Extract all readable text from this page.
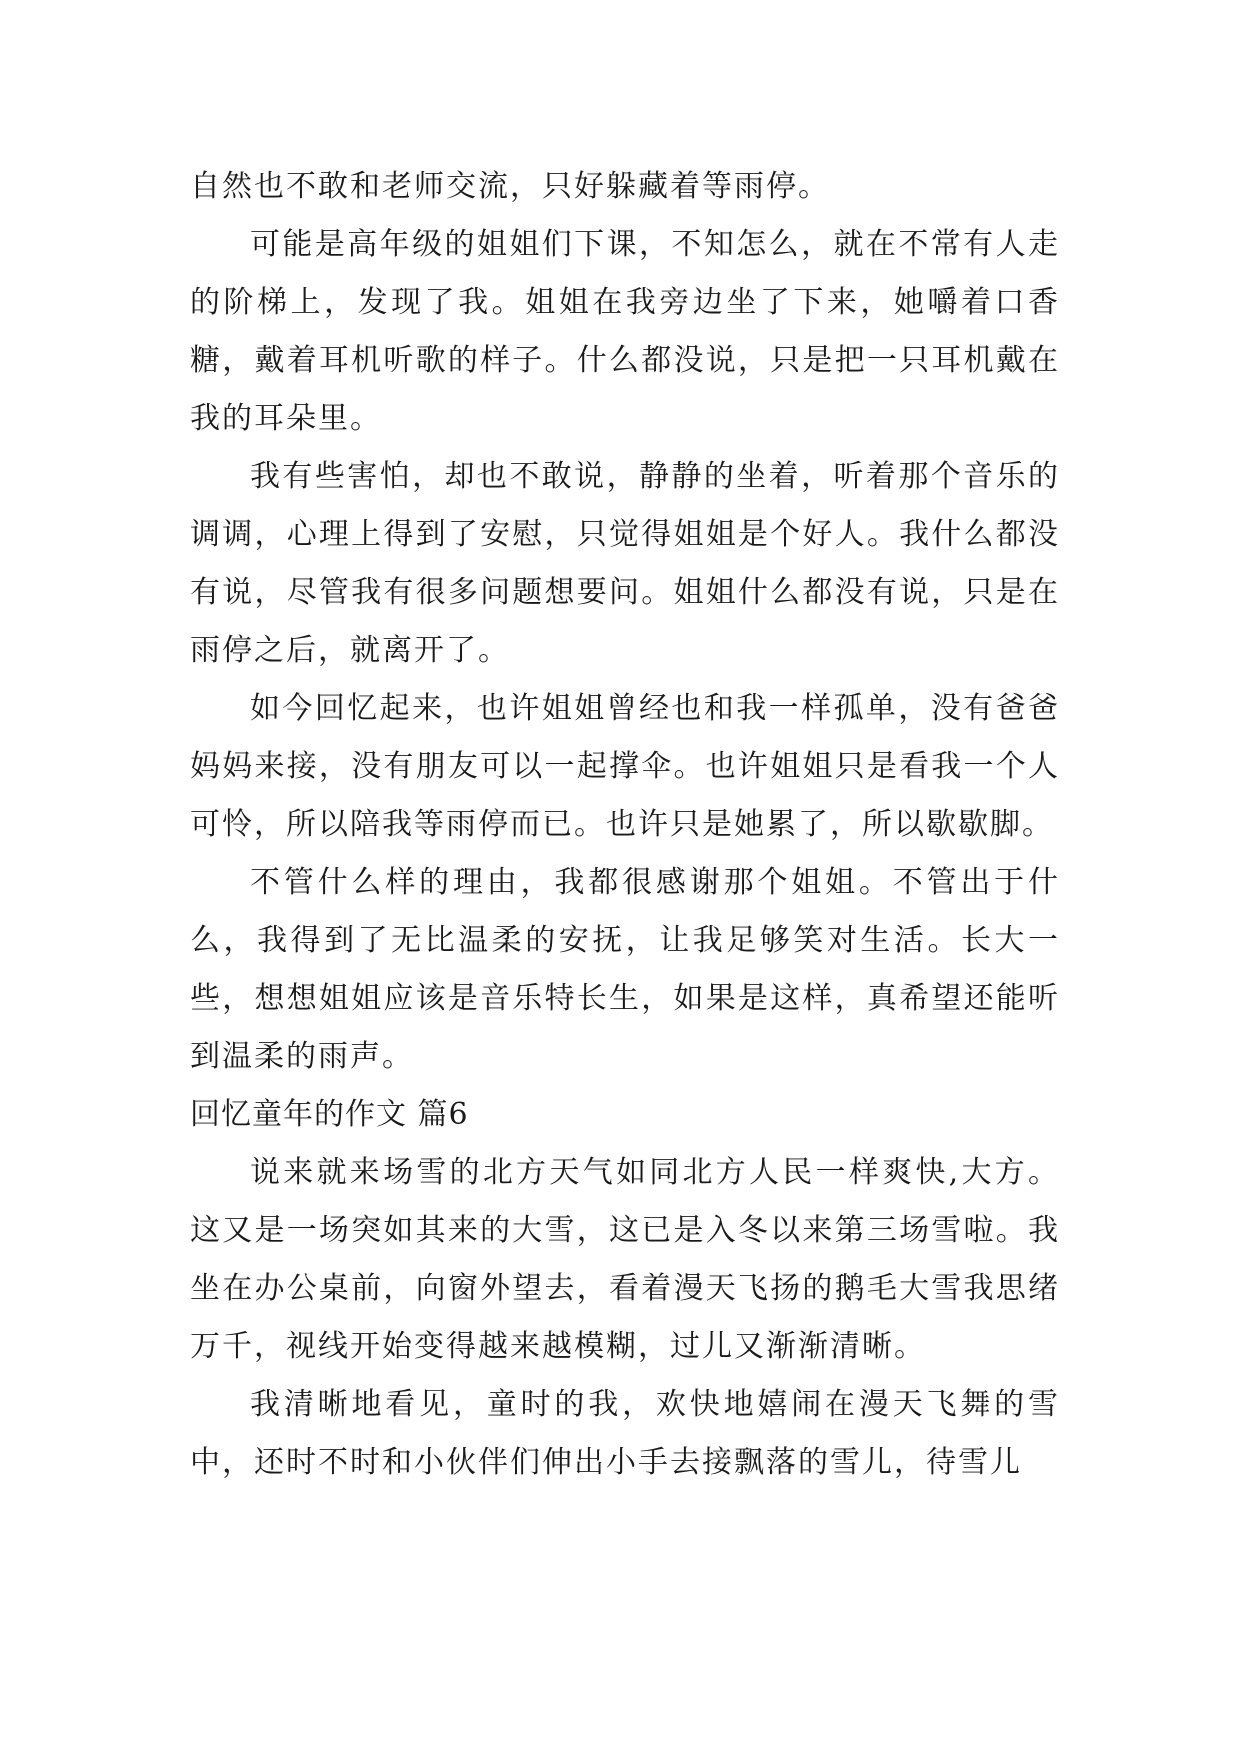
自然也不敢和老师交流，只好躲藏着等雨停。

可能是高年级的姐姐们下课，不知怎么，就在不常有人走的阶梯上，发现了我。姐姐在我旁边坐了下来，她嚼着口香糖，戴着耳机听歌的样子。什么都没说，只是把一只耳机戴在我的耳朵里。

我有些害怕，却也不敢说，静静的坐着，听着那个音乐的调调，心理上得到了安慰，只觉得姐姐是个好人。我什么都没有说，尽管我有很多问题想要问。姐姐什么都没有说，只是在雨停之后，就离开了。

如今回忆起来，也许姐姐曾经也和我一样孤单，没有爸爸妈妈来接，没有朋友可以一起撑伞。也许姐姐只是看我一个人可怜，所以陪我等雨停而已。也许只是她累了，所以歇歇脚。

不管什么样的理由，我都很感谢那个姐姐。不管出于什么，我得到了无比温柔的安抚，让我足够笑对生活。长大一些，想想姐姐应该是音乐特长生，如果是这样，真希望还能听到温柔的雨声。

回忆童年的作文 篇6

说来就来场雪的北方天气如同北方人民一样爽快,大方。这又是一场突如其来的大雪，这已是入冬以来第三场雪啦。我坐在办公桌前，向窗外望去，看着漫天飞扬的鹅毛大雪我思绪万千，视线开始变得越来越模糊，过儿又渐渐清晰。

我清晰地看见，童时的我，欢快地嬉闹在漫天飞舞的雪中，还时不时和小伙伴们伸出小手去接飘落的雪儿，待雪儿
